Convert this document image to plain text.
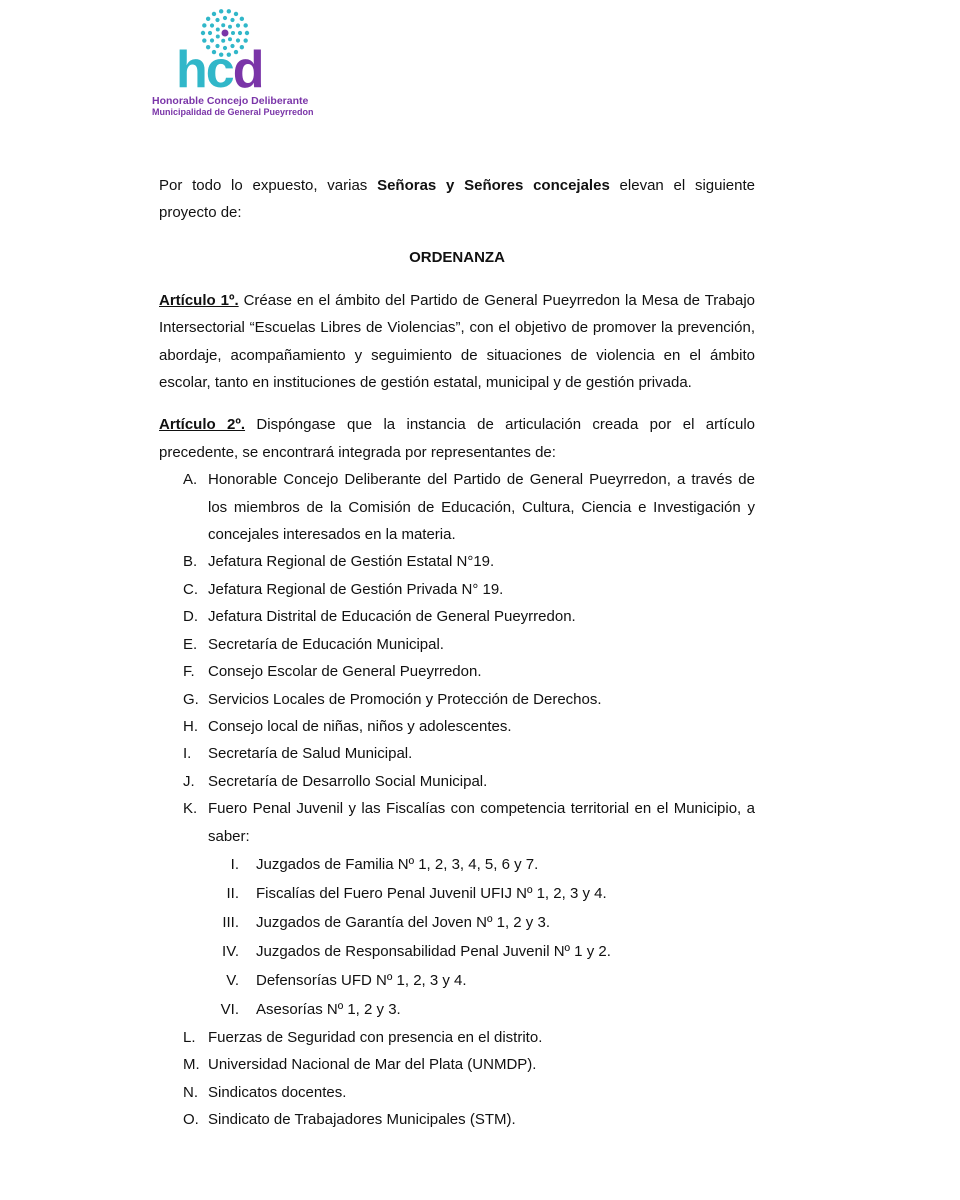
hcd
Honorable Concejo Deliberante
Municipalidad de General Pueyrredon

Por todo lo expuesto, varias Señoras y Señores concejales elevan el siguiente proyecto de:

ORDENANZA

Artículo 1º. Créase en el ámbito del Partido de General Pueyrredon la Mesa de Trabajo Intersectorial “Escuelas Libres de Violencias”, con el objetivo de promover la prevención, abordaje, acompañamiento y seguimiento de situaciones de violencia en el ámbito escolar, tanto en instituciones de gestión estatal, municipal y de gestión privada.

Artículo 2º. Dispóngase que la instancia de articulación creada por el artículo precedente, se encontrará integrada por representantes de:

A. Honorable Concejo Deliberante del Partido de General Pueyrredon, a través de los miembros de la Comisión de Educación, Cultura, Ciencia e Investigación y concejales interesados en la materia.
B. Jefatura Regional de Gestión Estatal N°19.
C. Jefatura Regional de Gestión Privada N° 19.
D. Jefatura Distrital de Educación de General Pueyrredon.
E. Secretaría de Educación Municipal.
F. Consejo Escolar de General Pueyrredon.
G. Servicios Locales de Promoción y Protección de Derechos.
H. Consejo local de niñas, niños y adolescentes.
I. Secretaría de Salud Municipal.
J. Secretaría de Desarrollo Social Municipal.
K. Fuero Penal Juvenil y las Fiscalías con competencia territorial en el Municipio, a saber:
I. Juzgados de Familia Nº 1, 2, 3, 4, 5, 6 y 7.
II. Fiscalías del Fuero Penal Juvenil UFIJ Nº 1, 2, 3 y 4.
III. Juzgados de Garantía del Joven Nº 1, 2 y 3.
IV. Juzgados de Responsabilidad Penal Juvenil Nº 1 y 2.
V. Defensorías UFD Nº 1, 2, 3 y 4.
VI. Asesorías Nº 1, 2 y 3.
L. Fuerzas de Seguridad con presencia en el distrito.
M. Universidad Nacional de Mar del Plata (UNMDP).
N. Sindicatos docentes.
O. Sindicato de Trabajadores Municipales (STM).
